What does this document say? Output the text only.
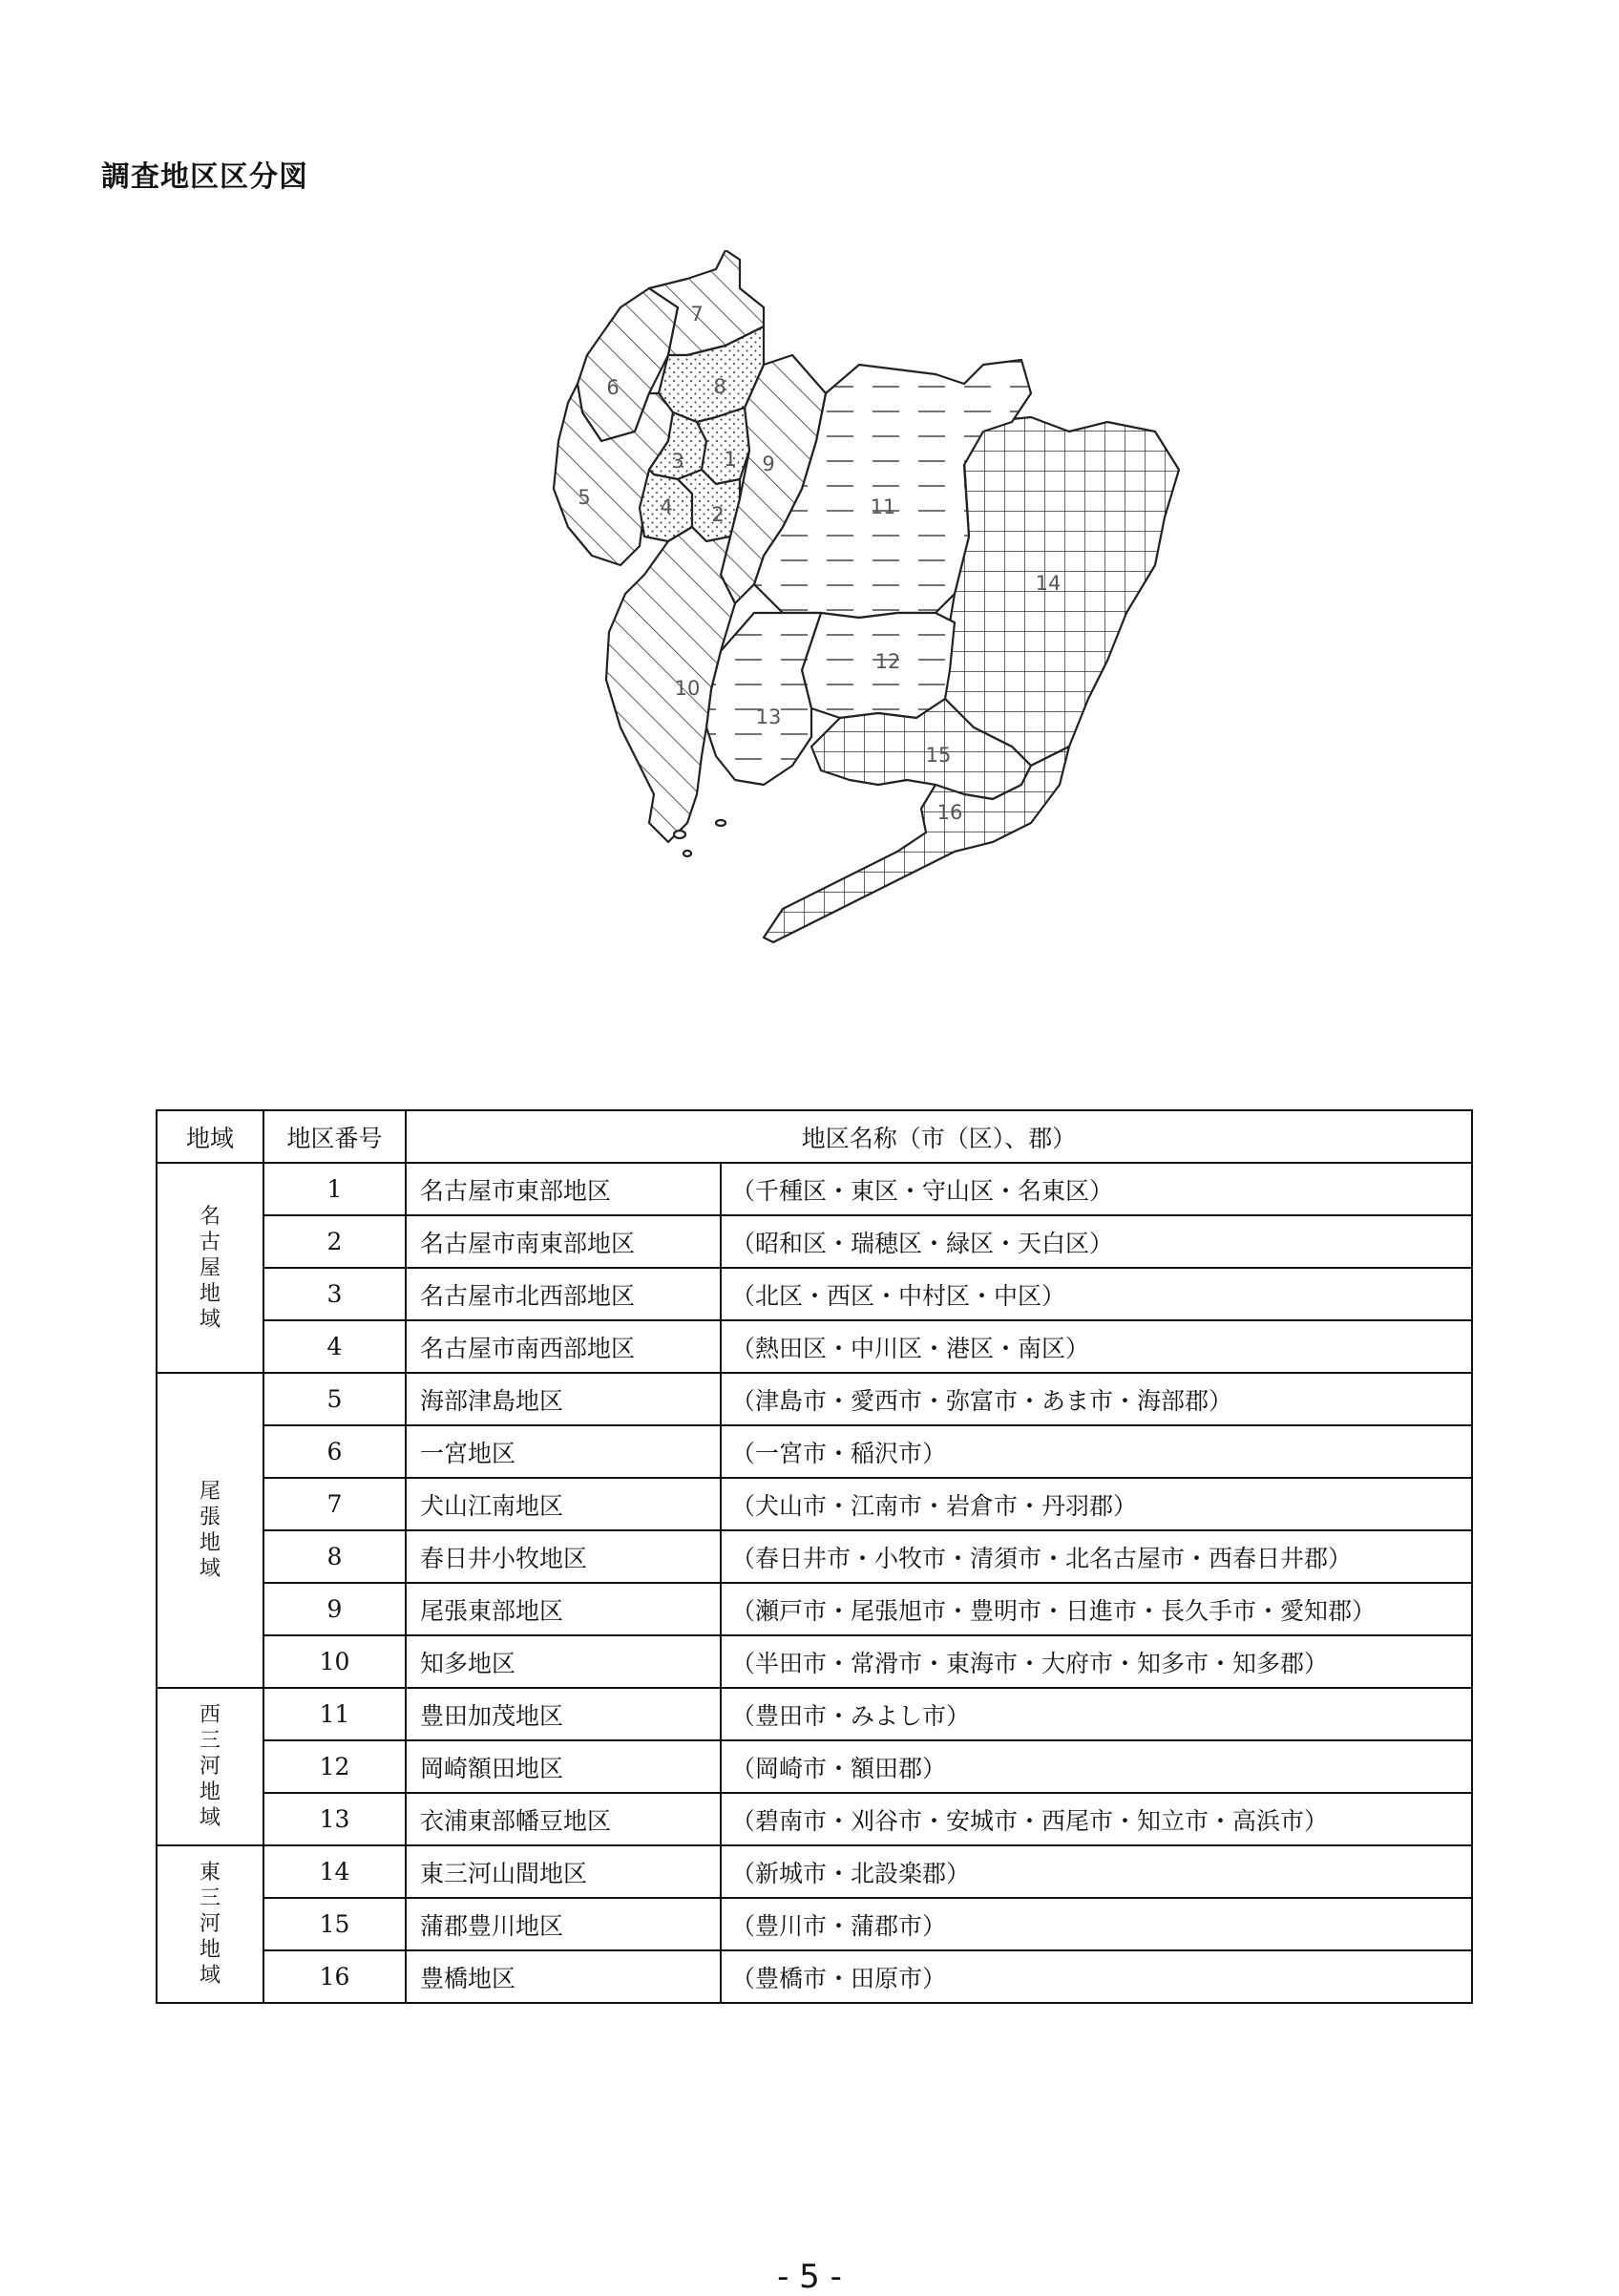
調査地区区分図
1
2
3
4
5
6
7
8
9
10
11
12
13
14
15
16
地域	地区番号	地区名称（市（区）、郡）	
名古屋地域	1	名古屋市東部地区	（千種区・東区・守山区・名東区）
	2	名古屋市南東部地区	（昭和区・瑞穂区・緑区・天白区）
	3	名古屋市北西部地区	（北区・西区・中村区・中区）
	4	名古屋市南西部地区	（熱田区・中川区・港区・南区）
尾張地域	5	海部津島地区	（津島市・愛西市・弥富市・あま市・海部郡）
	6	一宮地区	（一宮市・稲沢市）
	7	犬山江南地区	（犬山市・江南市・岩倉市・丹羽郡）
	8	春日井小牧地区	（春日井市・小牧市・清須市・北名古屋市・西春日井郡）
	9	尾張東部地区	（瀬戸市・尾張旭市・豊明市・日進市・長久手市・愛知郡）
	10	知多地区	（半田市・常滑市・東海市・大府市・知多市・知多郡）
西三河地域	11	豊田加茂地区	（豊田市・みよし市）
	12	岡崎額田地区	（岡崎市・額田郡）
	13	衣浦東部幡豆地区	（碧南市・刈谷市・安城市・西尾市・知立市・高浜市）
東三河地域	14	東三河山間地区	（新城市・北設楽郡）
	15	蒲郡豊川地区	（豊川市・蒲郡市）
	16	豊橋地区	（豊橋市・田原市）
- 5 -
